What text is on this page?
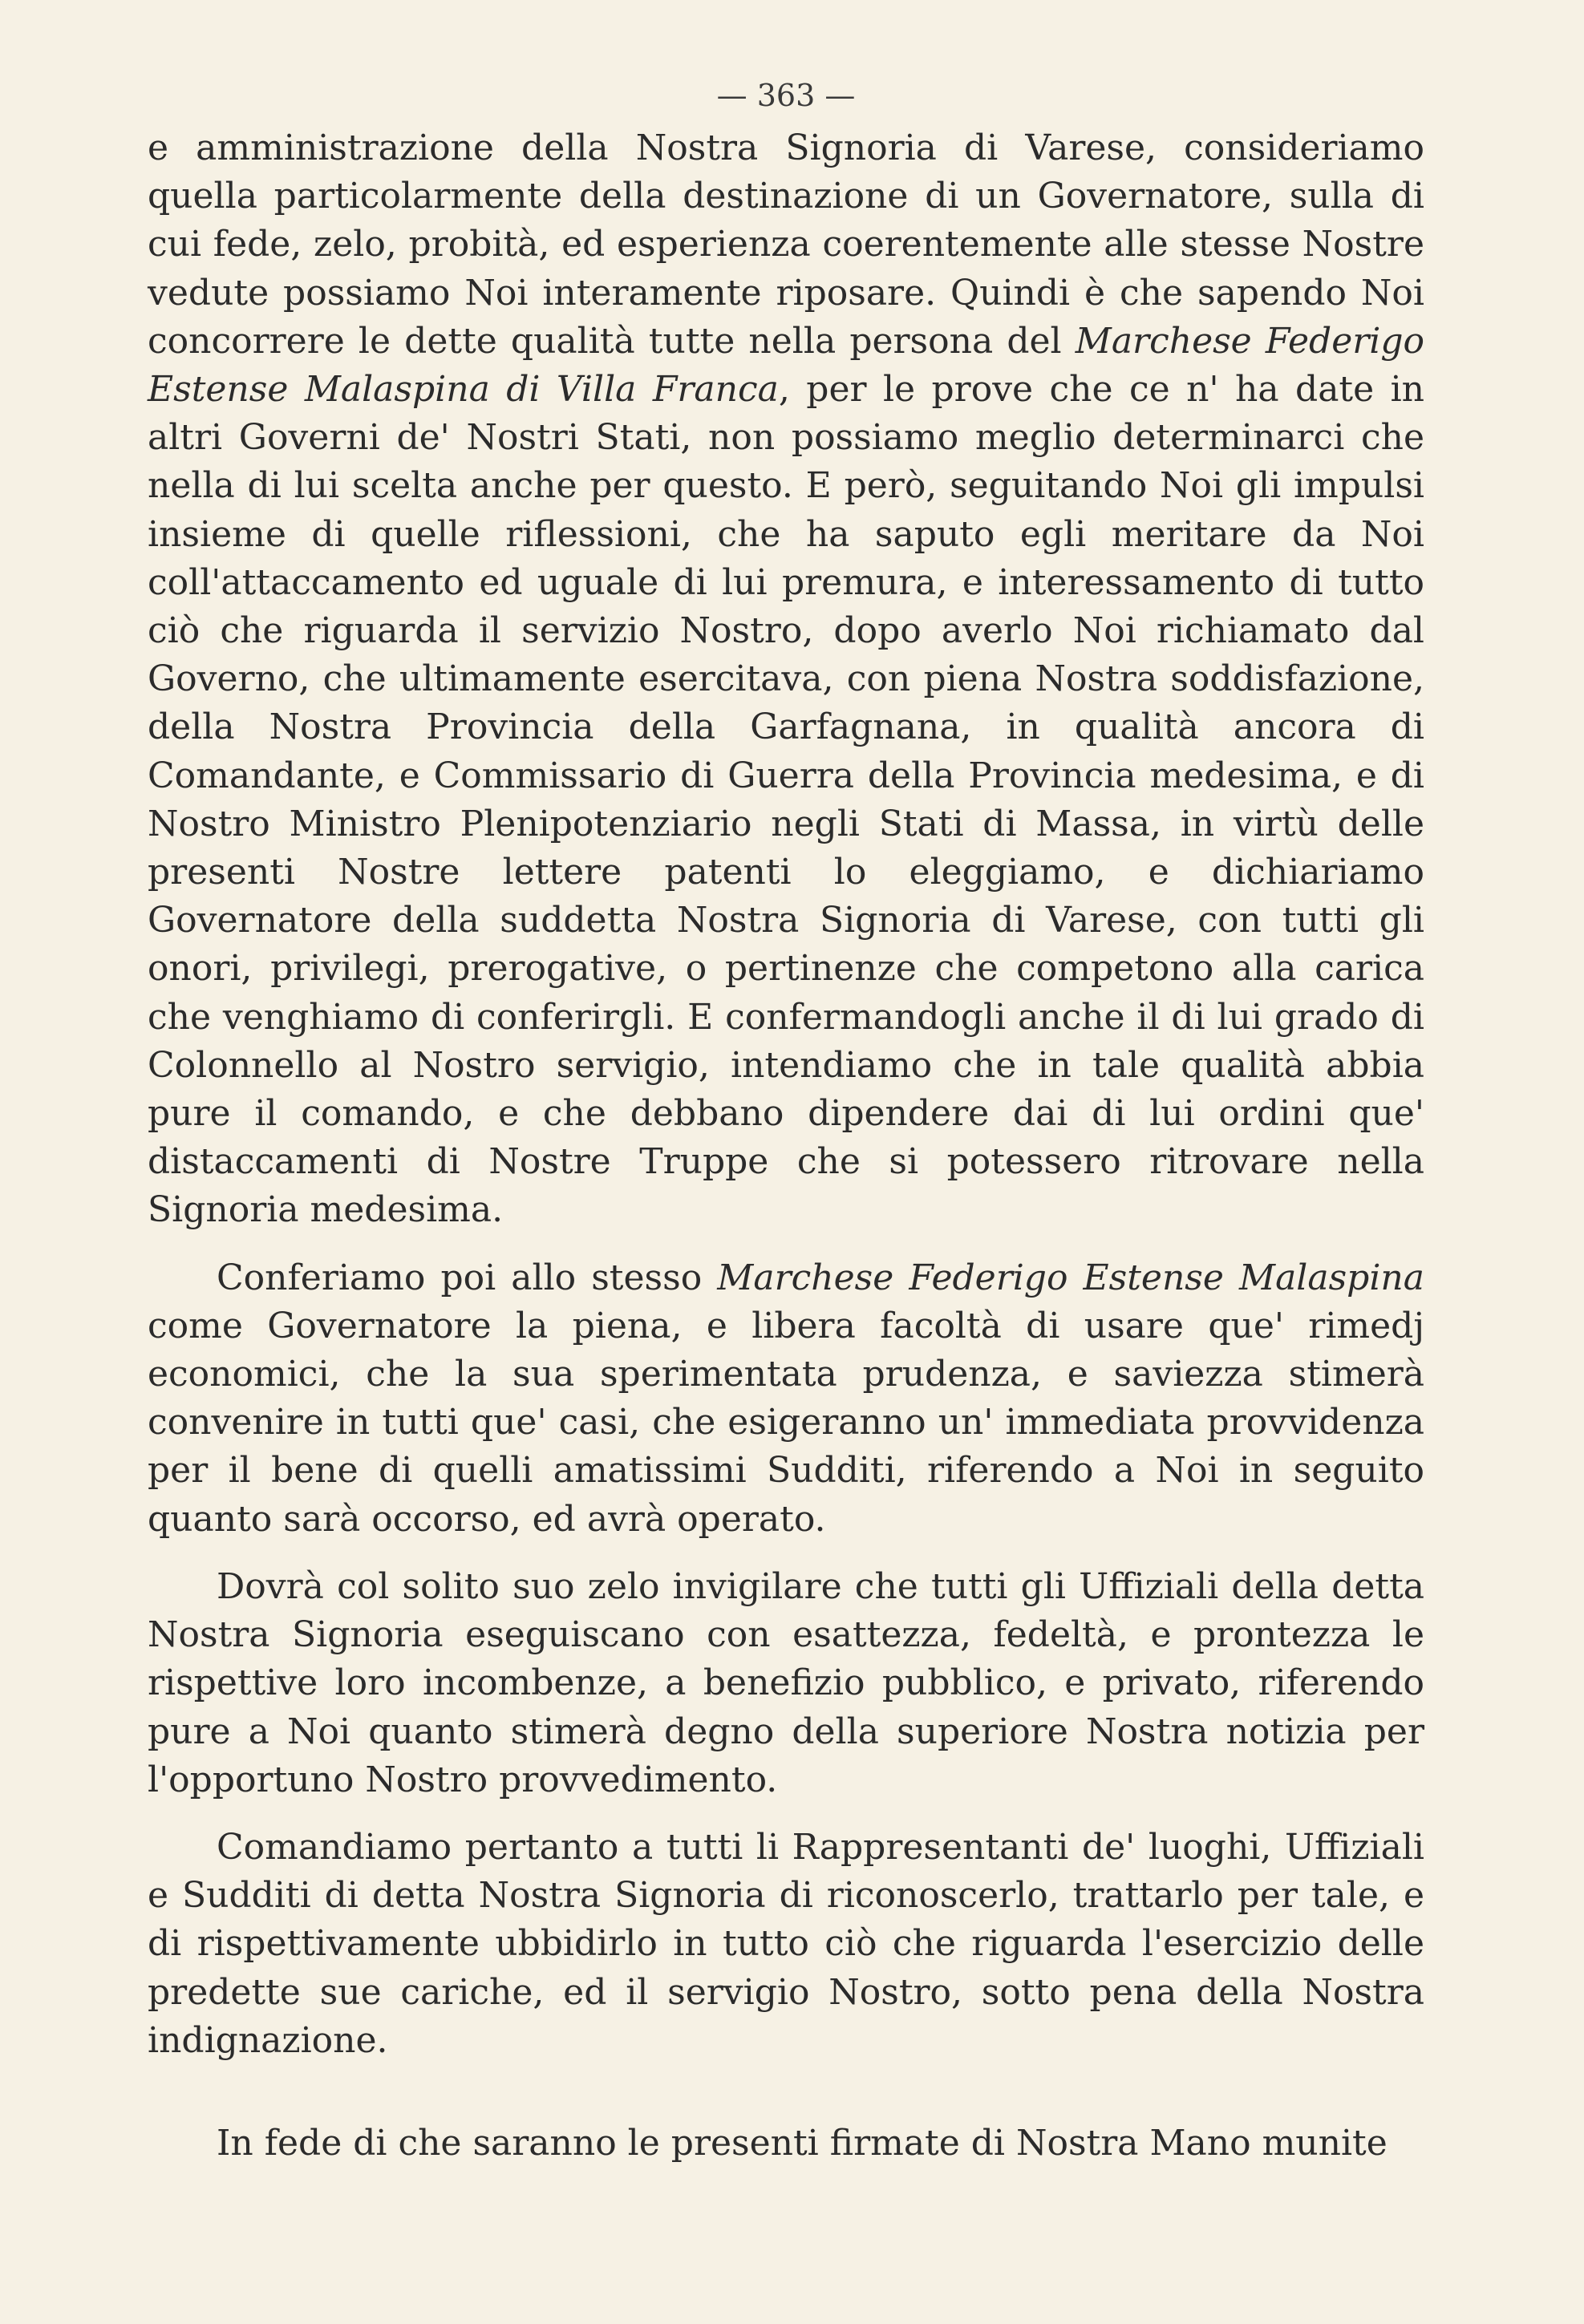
— 363 —

e amministrazione della Nostra Signoria di Varese, consideriamo quella particolarmente della destinazione di un Governatore, sulla di cui fede, zelo, probità, ed esperienza coerentemente alle stesse Nostre vedute possiamo Noi interamente riposare. Quindi è che sapendo Noi concorrere le dette qualità tutte nella persona del Marchese Federigo Estense Malaspina di Villa Franca, per le prove che ce n' ha date in altri Governi de' Nostri Stati, non possiamo meglio determinarci che nella di lui scelta anche per questo. E però, seguitando Noi gli impulsi insieme di quelle riflessioni, che ha saputo egli meritare da Noi coll'attaccamento ed uguale di lui premura, e interessamento di tutto ciò che riguarda il servizio Nostro, dopo averlo Noi richiamato dal Governo, che ultimamente esercitava, con piena Nostra soddisfazione, della Nostra Provincia della Garfagnana, in qualità ancora di Comandante, e Commissario di Guerra della Provincia medesima, e di Nostro Ministro Plenipotenziario negli Stati di Massa, in virtù delle presenti Nostre lettere patenti lo eleggiamo, e dichiariamo Governatore della suddetta Nostra Signoria di Varese, con tutti gli onori, privilegi, prerogative, o pertinenze che competono alla carica che venghiamo di conferirgli. E confermandogli anche il di lui grado di Colonnello al Nostro servigio, intendiamo che in tale qualità abbia pure il comando, e che debbano dipendere dai di lui ordini que' distaccamenti di Nostre Truppe che si potessero ritrovare nella Signoria medesima.

Conferiamo poi allo stesso Marchese Federigo Estense Malaspina come Governatore la piena, e libera facoltà di usare que' rimedj economici, che la sua sperimentata prudenza, e saviezza stimerà convenire in tutti que' casi, che esigeranno un' immediata provvidenza per il bene di quelli amatissimi Sudditi, riferendo a Noi in seguito quanto sarà occorso, ed avrà operato.

Dovrà col solito suo zelo invigilare che tutti gli Uffiziali della detta Nostra Signoria eseguiscano con esattezza, fedeltà, e prontezza le rispettive loro incombenze, a benefizio pubblico, e privato, riferendo pure a Noi quanto stimerà degno della superiore Nostra notizia per l'opportuno Nostro provvedimento.

Comandiamo pertanto a tutti li Rappresentanti de' luoghi, Uffiziali e Sudditi di detta Nostra Signoria di riconoscerlo, trattarlo per tale, e di rispettivamente ubbidirlo in tutto ciò che riguarda l'esercizio delle predette sue cariche, ed il servigio Nostro, sotto pena della Nostra indignazione.

In fede di che saranno le presenti firmate di Nostra Mano munite
